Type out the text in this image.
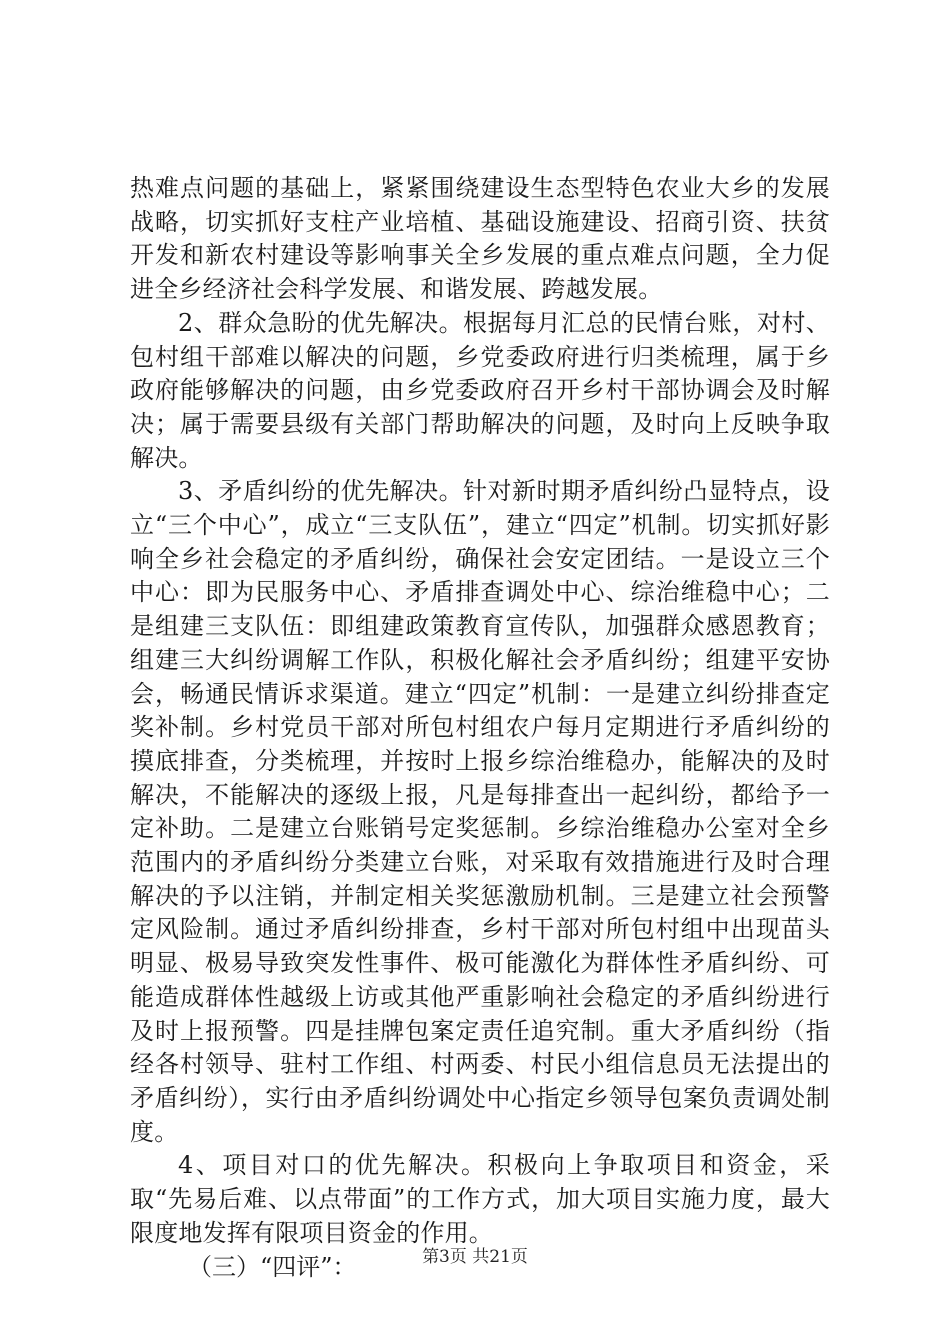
热难点问题的基础上，紧紧围绕建设生态型特色农业大乡的发展战略，切实抓好支柱产业培植、基础设施建设、招商引资、扶贫开发和新农村建设等影响事关全乡发展的重点难点问题，全力促进全乡经济社会科学发展、和谐发展、跨越发展。

2、群众急盼的优先解决。根据每月汇总的民情台账，对村、包村组干部难以解决的问题，乡党委政府进行归类梳理，属于乡政府能够解决的问题，由乡党委政府召开乡村干部协调会及时解决；属于需要县级有关部门帮助解决的问题，及时向上反映争取解决。

3、矛盾纠纷的优先解决。针对新时期矛盾纠纷凸显特点，设立“三个中心”，成立“三支队伍”，建立“四定”机制。切实抓好影响全乡社会稳定的矛盾纠纷，确保社会安定团结。一是设立三个中心：即为民服务中心、矛盾排查调处中心、综治维稳中心；二是组建三支队伍：即组建政策教育宣传队，加强群众感恩教育；组建三大纠纷调解工作队，积极化解社会矛盾纠纷；组建平安协会，畅通民情诉求渠道。建立“四定”机制：一是建立纠纷排查定奖补制。乡村党员干部对所包村组农户每月定期进行矛盾纠纷的摸底排查，分类梳理，并按时上报乡综治维稳办，能解决的及时解决，不能解决的逐级上报，凡是每排查出一起纠纷，都给予一定补助。二是建立台账销号定奖惩制。乡综治维稳办公室对全乡范围内的矛盾纠纷分类建立台账，对采取有效措施进行及时合理解决的予以注销，并制定相关奖惩激励机制。三是建立社会预警定风险制。通过矛盾纠纷排查，乡村干部对所包村组中出现苗头明显、极易导致突发性事件、极可能激化为群体性矛盾纠纷、可能造成群体性越级上访或其他严重影响社会稳定的矛盾纠纷进行及时上报预警。四是挂牌包案定责任追究制。重大矛盾纠纷（指经各村领导、驻村工作组、村两委、村民小组信息员无法提出的矛盾纠纷），实行由矛盾纠纷调处中心指定乡领导包案负责调处制度。

4、项目对口的优先解决。积极向上争取项目和资金，采取“先易后难、以点带面”的工作方式，加大项目实施力度，最大限度地发挥有限项目资金的作用。

（三）“四评”：	第3页 共21页
